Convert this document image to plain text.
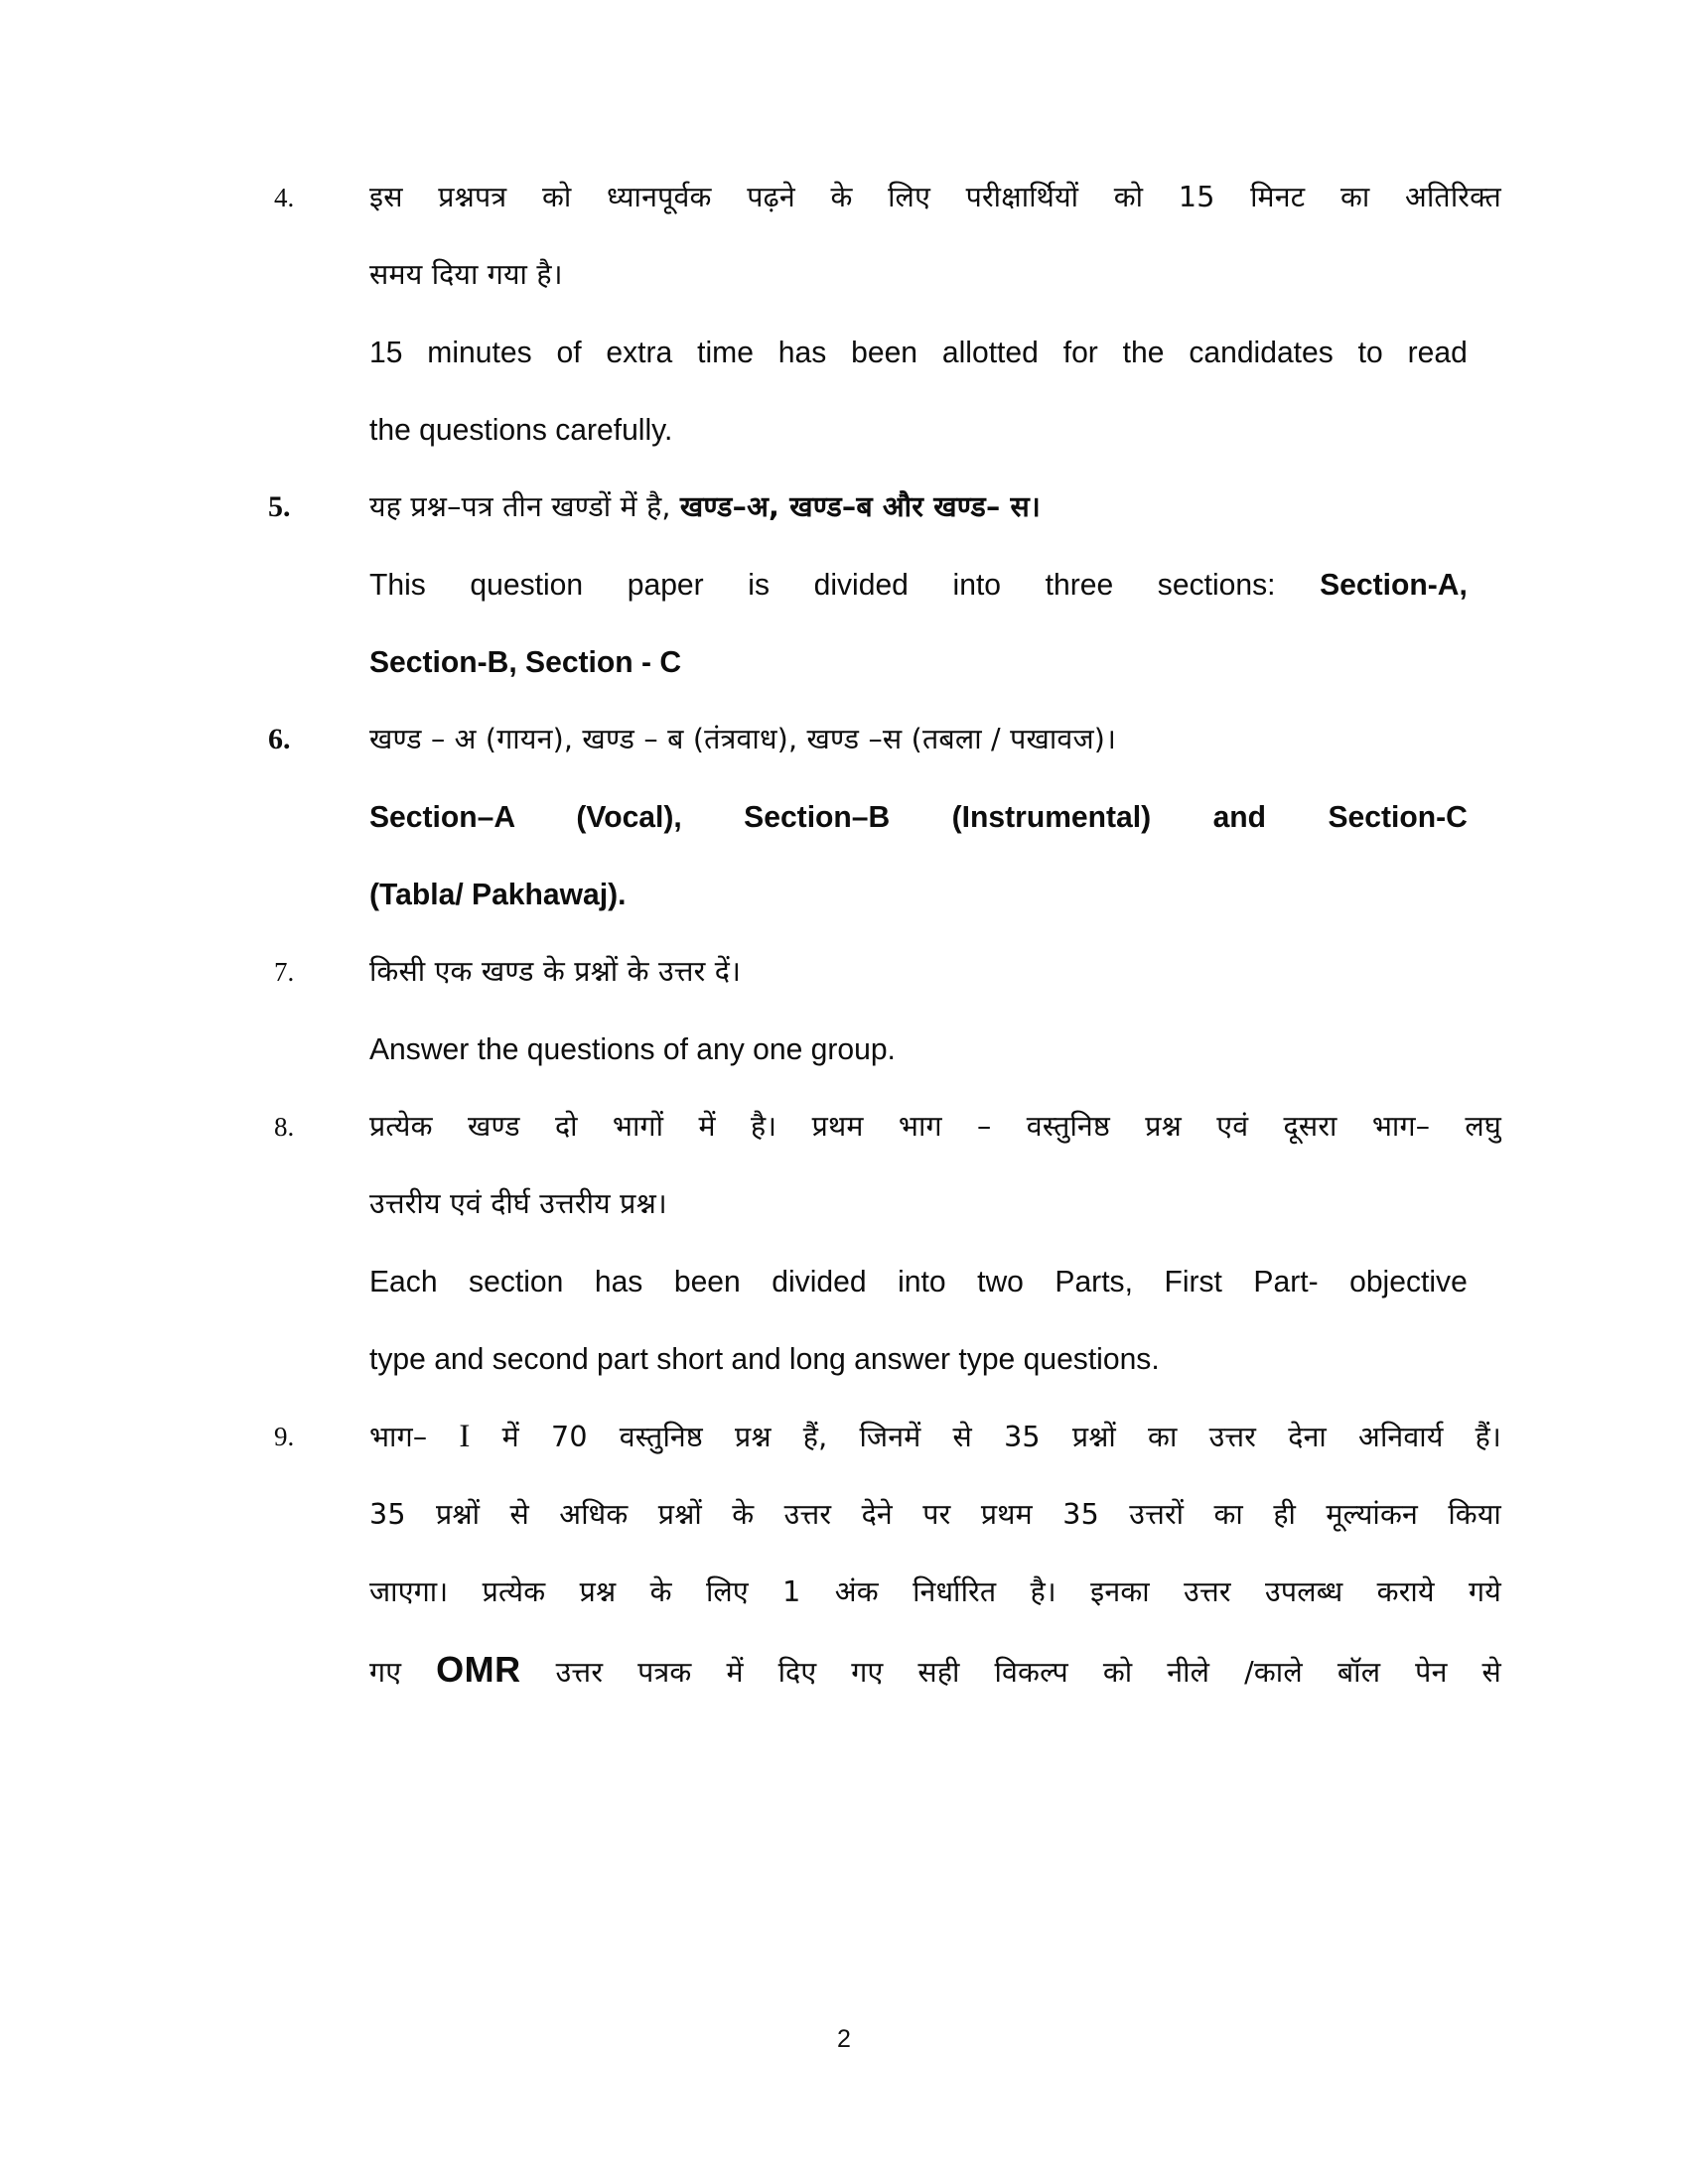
4.	इस प्रश्नपत्र को ध्यानपूर्वक पढ़ने के लिए परीक्षार्थियों को 15 मिनट का अतिरिक्त
समय दिया गया है।

15 minutes of extra time has been allotted for the candidates to read
the questions carefully.

5.	यह प्रश्न–पत्र तीन खण्डों में है, खण्ड–अ, खण्ड–ब और खण्ड– स।

This question paper is divided into three sections: Section-A,
Section-B, Section - C

6.	खण्ड – अ (गायन), खण्ड – ब (तंत्रवाध), खण्ड –स (तबला / पखावज)।

Section–A (Vocal), Section–B (Instrumental) and Section-C
(Tabla/ Pakhawaj).

7.	किसी एक खण्ड के प्रश्नों के उत्तर दें।

Answer the questions of any one group.

8.	प्रत्येक खण्ड दो भागों में है। प्रथम भाग – वस्तुनिष्ठ प्रश्न एवं दूसरा भाग– लघु
उत्तरीय एवं दीर्घ उत्तरीय प्रश्न।

Each section has been divided into two Parts, First Part- objective
type and second part short and long answer type questions.

9.	भाग– I में 70 वस्तुनिष्ठ प्रश्न हैं, जिनमें से 35 प्रश्नों का उत्तर देना अनिवार्य हैं।
35 प्रश्नों से अधिक प्रश्नों के उत्तर देने पर प्रथम 35 उत्तरों का ही मूल्यांकन किया
जाएगा। प्रत्येक प्रश्न के लिए 1 अंक निर्धारित है। इनका उत्तर उपलब्ध कराये गये
गए OMR उत्तर पत्रक में दिए गए सही विकल्प को नीले /काले बॉल पेन से

2
